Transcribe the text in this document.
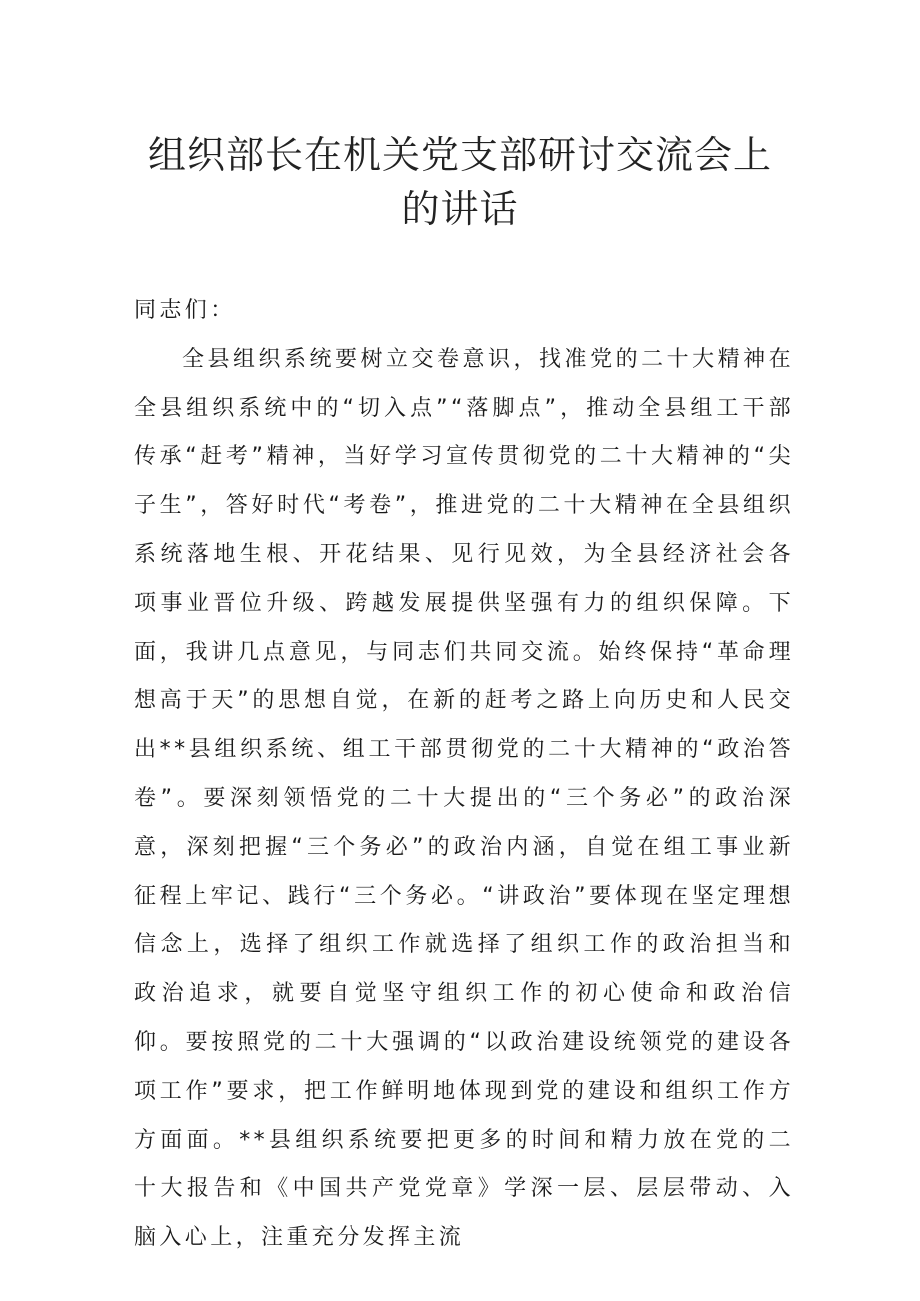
组织部长在机关党支部研讨交流会上的讲话

同志们：

全县组织系统要树立交卷意识，找准党的二十大精神在全县组织系统中的“切入点”“落脚点”，推动全县组工干部传承“赶考”精神，当好学习宣传贯彻党的二十大精神的“尖子生”，答好时代“考卷”，推进党的二十大精神在全县组织系统落地生根、开花结果、见行见效，为全县经济社会各项事业晋位升级、跨越发展提供坚强有力的组织保障。下面，我讲几点意见，与同志们共同交流。始终保持“革命理想高于天”的思想自觉，在新的赶考之路上向历史和人民交出**县组织系统、组工干部贯彻党的二十大精神的“政治答卷”。要深刻领悟党的二十大提出的“三个务必”的政治深意，深刻把握“三个务必”的政治内涵，自觉在组工事业新征程上牢记、践行“三个务必。“讲政治”要体现在坚定理想信念上，选择了组织工作就选择了组织工作的政治担当和政治追求，就要自觉坚守组织工作的初心使命和政治信仰。要按照党的二十大强调的“以政治建设统领党的建设各项工作”要求，把工作鲜明地体现到党的建设和组织工作方方面面。**县组织系统要把更多的时间和精力放在党的二十大报告和《中国共产党党章》学深一层、层层带动、入脑入心上，注重充分发挥主流
